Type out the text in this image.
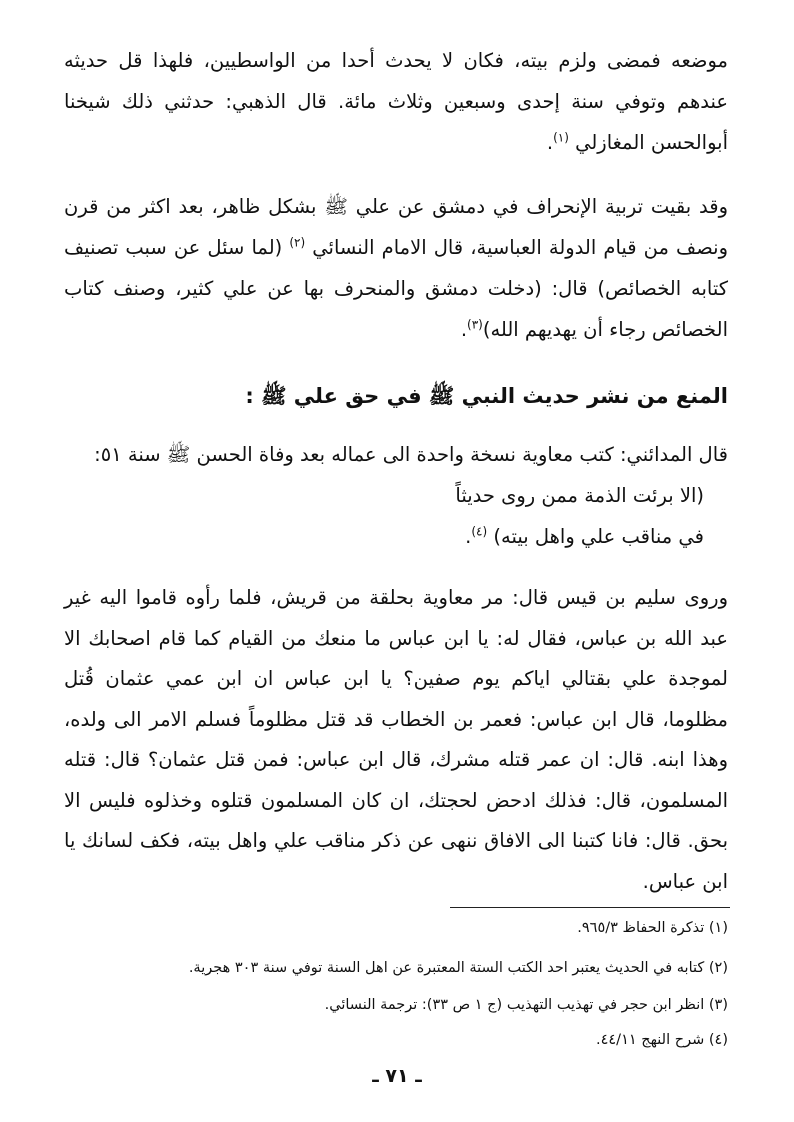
موضعه فمضى ولزم بيته، فكان لا يحدث أحدا من الواسطيين، فلهذا قل حديثه عندهم وتوفي سنة إحدى وسبعين وثلاث مائة. قال الذهبي: حدثني ذلك شيخنا أبوالحسن المغازلي $^{(١)}$.

وقد بقيت تربية الإنحراف في دمشق عن علي ﷺ بشكل ظاهر، بعد اكثر من قرن ونصف من قيام الدولة العباسية، قال الامام النسائي $^{(٢)}$ (لما سئل عن سبب تصنيف كتابه الخصائص) قال: (دخلت دمشق والمنحرف بها عن علي كثير، وصنف كتاب الخصائص رجاء أن يهديهم الله)$^{(٣)}$.

المنع من نشر حديث النبي ﷺ في حق علي ﷺ :

قال المدائني: كتب معاوية نسخة واحدة الى عماله بعد وفاة الحسن ﷺ سنة ٥١:

(الا برئت الذمة ممن روى حديثاً في مناقب علي واهل بيته) $^{(٤)}$.

وروى سليم بن قيس قال: مر معاوية بحلقة من قريش، فلما رأوه قاموا اليه غير عبد الله بن عباس، فقال له: يا ابن عباس ما منعك من القيام كما قام اصحابك الا لموجدة علي بقتالي اياكم يوم صفين؟ يا ابن عباس ان ابن عمي عثمان قُتل مظلوما، قال ابن عباس: فعمر بن الخطاب قد قتل مظلوماً فسلم الامر الى ولده، وهذا ابنه. قال: ان عمر قتله مشرك، قال ابن عباس: فمن قتل عثمان؟ قال: قتله المسلمون، قال: فذلك ادحض لحجتك، ان كان المسلمون قتلوه وخذلوه فليس الا بحق. قال: فانا كتبنا الى الافاق ننهى عن ذكر مناقب علي واهل بيته، فكف لسانك يا ابن عباس.

(١) تذكرة الحفاظ ٩٦٥/٣.

(٢) كتابه في الحديث يعتبر احد الكتب الستة المعتبرة عن اهل السنة توفي سنة ٣٠٣ هجرية.

(٣) انظر ابن حجر في تهذيب التهذيب (ج ١ ص ٣٣): ترجمة النسائي.

(٤) شرح النهج ٤٤/١١.

ـ ٧١ ـ
